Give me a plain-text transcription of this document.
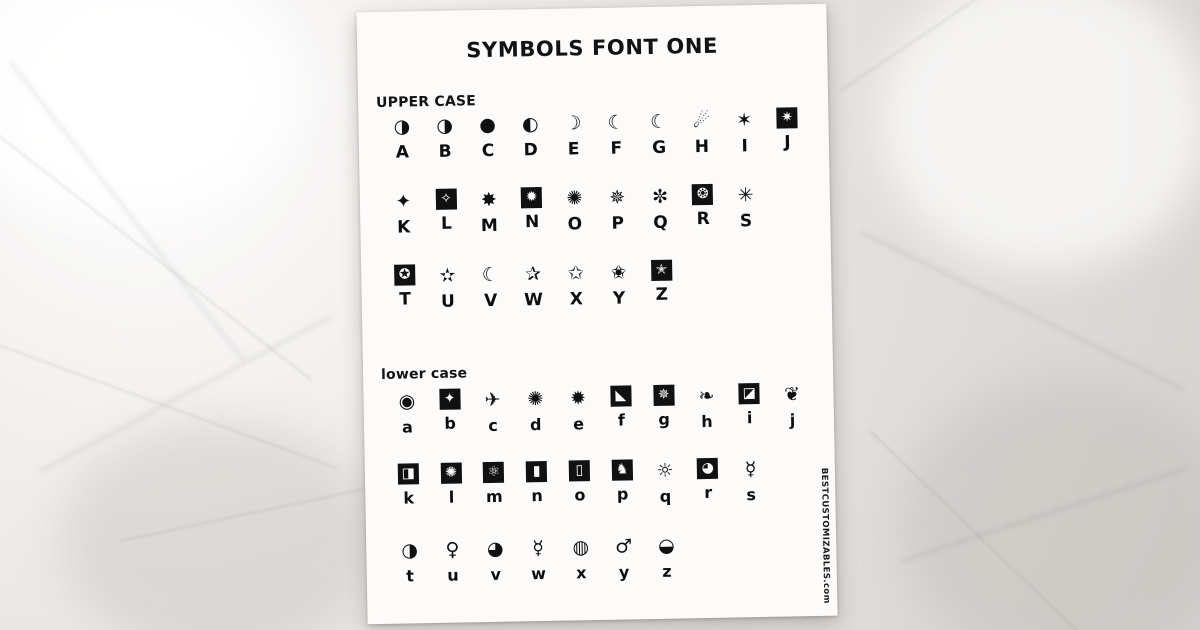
SYMBOLS FONT ONE
UPPER CASE
◑
A
◑
B
●
C
◐
D
☽
E
☾
F
☾
G
☄
H
✶
I
✷
J
✦
K
✧
L
✸
M
✹
N
✺
O
✵
P
✼
Q
❂
R
✳
S
✪
T
✫
U
☾
V
✰
W
✩
X
✬
Y
✭
Z
lower case
◉
a
✦
b
✈
c
✺
d
✹
e
◣
f
✵
g
❧
h
◪
i
❦
j
◨
k
✺
l
⚛
m
▮
n
▯
o
♞
p
☼
q
◕
r
☿
s
◑
t
♀
u
◕
v
☿
w
◍
x
♂
y
◒
z	BESTCUSTOMIZABLES.com
